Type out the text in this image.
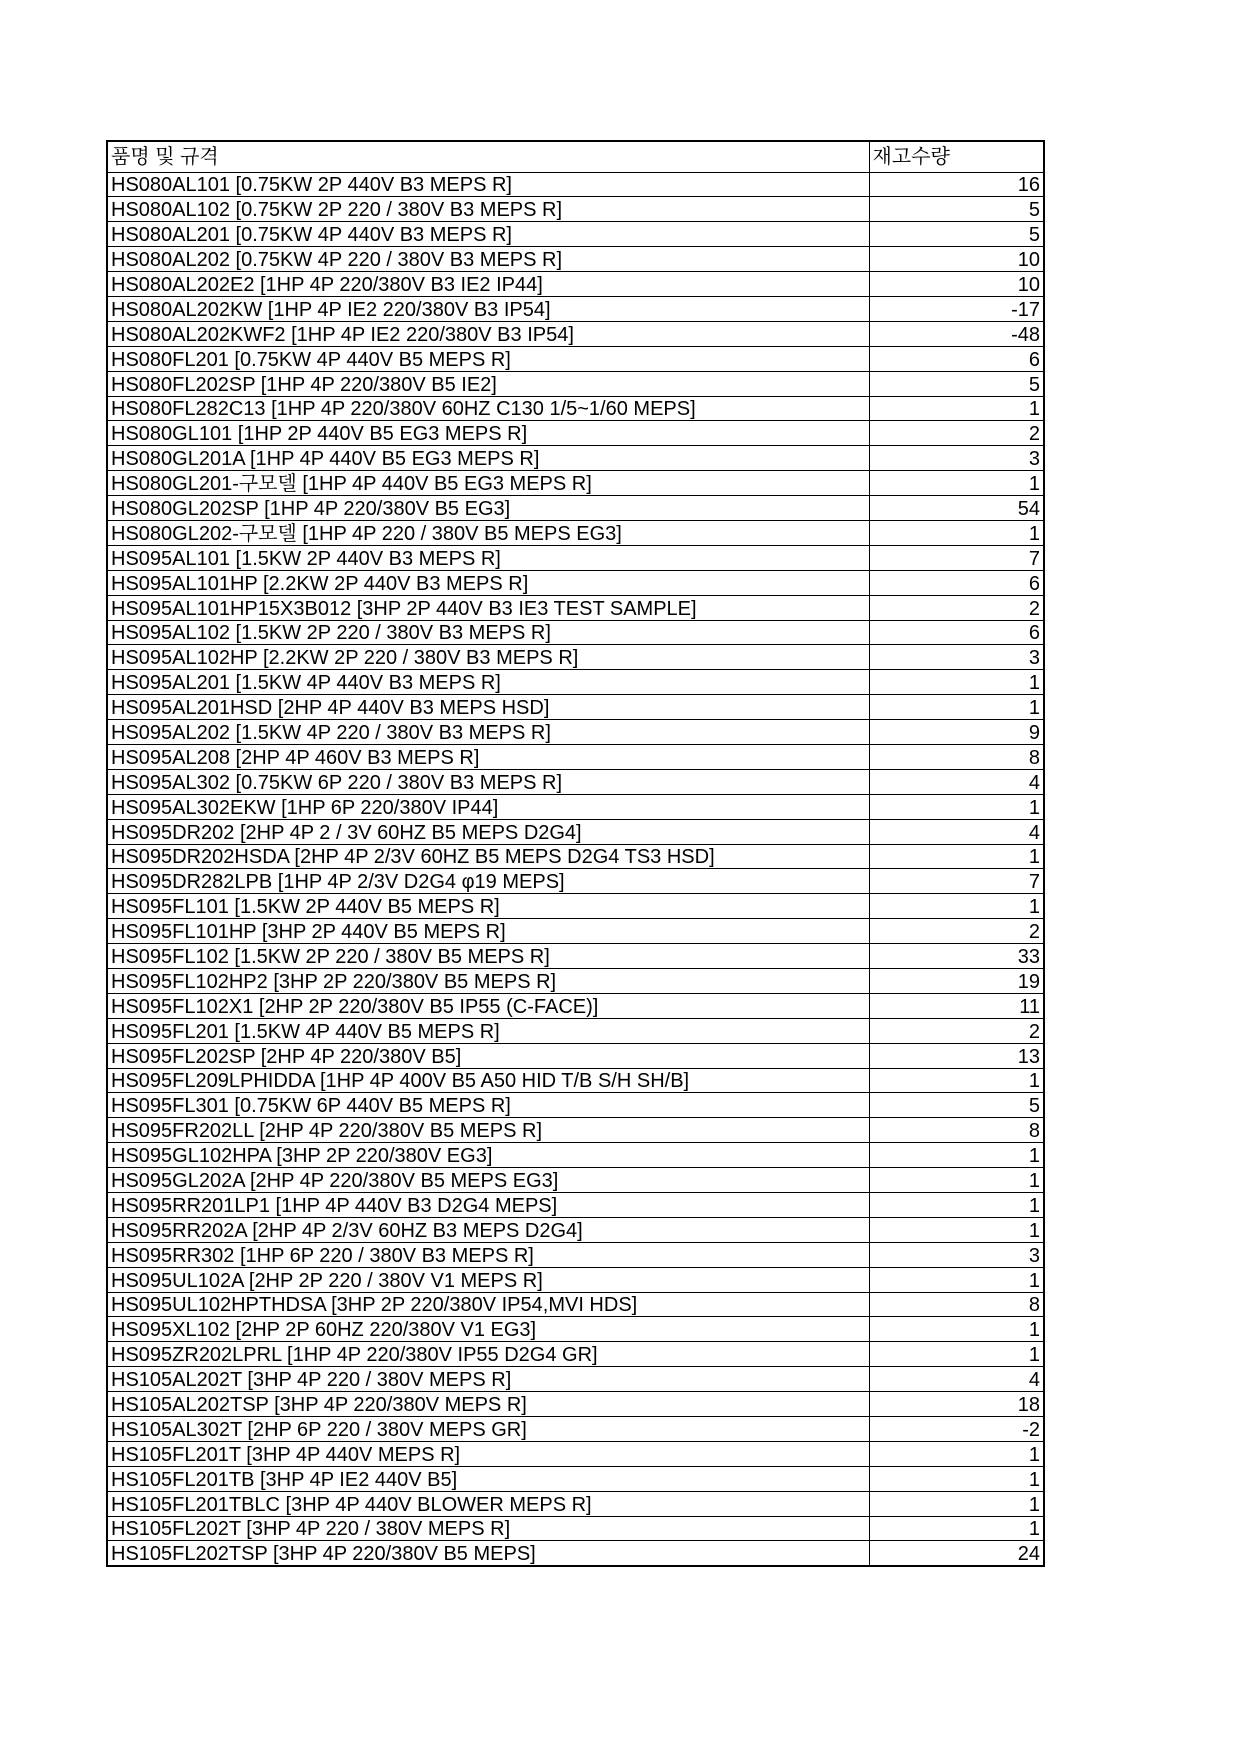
품명 및 규격	재고수량
HS080AL101 [0.75KW 2P 440V B3 MEPS R]	16
HS080AL102 [0.75KW 2P 220 / 380V B3 MEPS R]	5
HS080AL201 [0.75KW 4P 440V B3 MEPS R]	5
HS080AL202 [0.75KW 4P 220 / 380V B3 MEPS R]	10
HS080AL202E2 [1HP 4P 220/380V B3 IE2 IP44]	10
HS080AL202KW [1HP 4P IE2 220/380V B3 IP54]	-17
HS080AL202KWF2 [1HP 4P IE2 220/380V B3 IP54]	-48
HS080FL201 [0.75KW 4P 440V B5 MEPS R]	6
HS080FL202SP [1HP 4P 220/380V B5 IE2]	5
HS080FL282C13 [1HP 4P 220/380V 60HZ C130 1/5~1/60 MEPS]	1
HS080GL101 [1HP 2P 440V B5 EG3 MEPS R]	2
HS080GL201A [1HP 4P 440V B5 EG3 MEPS R]	3
HS080GL201-구모델 [1HP 4P 440V B5 EG3 MEPS R]	1
HS080GL202SP [1HP 4P 220/380V B5 EG3]	54
HS080GL202-구모델 [1HP 4P 220 / 380V B5 MEPS EG3]	1
HS095AL101 [1.5KW 2P 440V B3 MEPS R]	7
HS095AL101HP [2.2KW 2P 440V B3 MEPS R]	6
HS095AL101HP15X3B012 [3HP 2P 440V B3 IE3 TEST SAMPLE]	2
HS095AL102 [1.5KW 2P 220 / 380V B3 MEPS R]	6
HS095AL102HP [2.2KW 2P 220 / 380V B3 MEPS R]	3
HS095AL201 [1.5KW 4P 440V B3 MEPS R]	1
HS095AL201HSD [2HP 4P 440V B3 MEPS HSD]	1
HS095AL202 [1.5KW 4P 220 / 380V B3 MEPS R]	9
HS095AL208 [2HP 4P 460V B3 MEPS R]	8
HS095AL302 [0.75KW 6P 220 / 380V B3 MEPS R]	4
HS095AL302EKW [1HP 6P 220/380V IP44]	1
HS095DR202 [2HP 4P 2 / 3V 60HZ B5 MEPS D2G4]	4
HS095DR202HSDA [2HP 4P 2/3V 60HZ B5 MEPS D2G4 TS3 HSD]	1
HS095DR282LPB [1HP 4P 2/3V D2G4 φ19 MEPS]	7
HS095FL101 [1.5KW 2P 440V B5 MEPS R]	1
HS095FL101HP [3HP 2P 440V B5 MEPS R]	2
HS095FL102 [1.5KW 2P 220 / 380V B5 MEPS R]	33
HS095FL102HP2 [3HP 2P 220/380V B5 MEPS R]	19
HS095FL102X1 [2HP 2P 220/380V B5 IP55 (C-FACE)]	11
HS095FL201 [1.5KW 4P 440V B5 MEPS R]	2
HS095FL202SP [2HP 4P 220/380V B5]	13
HS095FL209LPHIDDA [1HP 4P 400V B5 A50 HID T/B S/H SH/B]	1
HS095FL301 [0.75KW 6P 440V B5 MEPS R]	5
HS095FR202LL [2HP 4P 220/380V B5 MEPS R]	8
HS095GL102HPA [3HP 2P 220/380V EG3]	1
HS095GL202A [2HP 4P 220/380V B5 MEPS EG3]	1
HS095RR201LP1 [1HP 4P 440V B3 D2G4 MEPS]	1
HS095RR202A [2HP 4P 2/3V 60HZ B3 MEPS D2G4]	1
HS095RR302 [1HP 6P 220 / 380V B3 MEPS R]	3
HS095UL102A [2HP 2P 220 / 380V V1 MEPS R]	1
HS095UL102HPTHDSA [3HP 2P 220/380V IP54,MVI HDS]	8
HS095XL102 [2HP 2P 60HZ 220/380V V1 EG3]	1
HS095ZR202LPRL [1HP 4P 220/380V IP55 D2G4 GR]	1
HS105AL202T [3HP 4P 220 / 380V MEPS R]	4
HS105AL202TSP [3HP 4P 220/380V MEPS R]	18
HS105AL302T [2HP 6P 220 / 380V MEPS GR]	-2
HS105FL201T [3HP 4P 440V MEPS R]	1
HS105FL201TB [3HP 4P IE2 440V B5]	1
HS105FL201TBLC [3HP 4P 440V BLOWER MEPS R]	1
HS105FL202T [3HP 4P 220 / 380V MEPS R]	1
HS105FL202TSP [3HP 4P 220/380V B5 MEPS]	24
